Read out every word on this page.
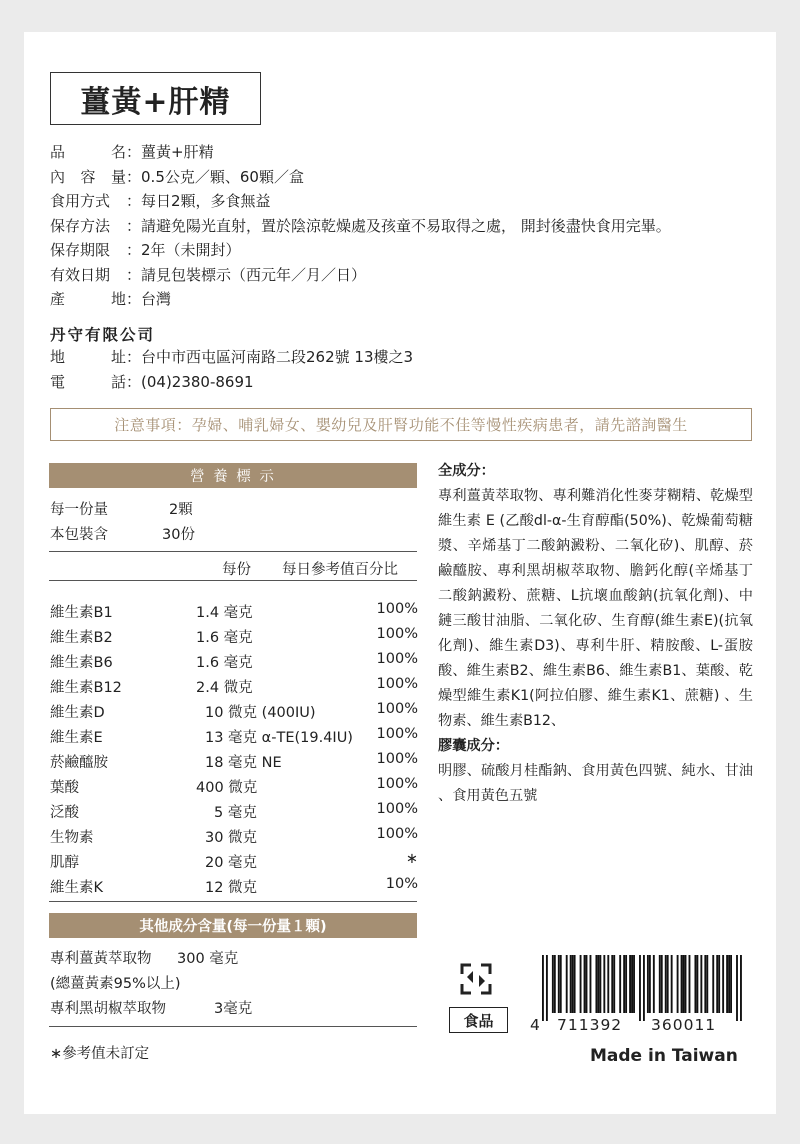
薑黃+肝精
品	名 ： 薑黃+肝精
內 容 量 ： 0.5公克／顆、60顆／盒
食用方式 ： 每日2顆，多食無益
保存方法 ： 請避免陽光直射，置於陰涼乾燥處及孩童不易取得之處， 開封後盡快食用完畢。
保存期限 ： 2年（未開封）
有效日期 ： 請見包裝標示（西元年／月／日）
產	地 ： 台灣
丹守有限公司
地	址 ： 台中市西屯區河南路二段262號 13樓之3
電	話 ： (04)2380-8691
注意事項：孕婦、哺乳婦女、嬰幼兒及肝腎功能不佳等慢性疾病患者，請先諮詢醫生
營 養 標 示
每一份量	2顆
本包裝含	30份
每份 每日參考值百分比
維生素B1	1.4 毫克	100%
維生素B2	1.6 毫克	100%
維生素B6	1.6 毫克	100%
維生素B12	2.4 微克	100%
維生素D	10 微克 (400IU)	100%
維生素E	13 毫克 α-TE(19.4IU)	100%
菸鹼醯胺	18 毫克 NE	100%
葉酸	400 微克	100%
泛酸	5 毫克	100%
生物素	30 微克	100%
肌醇	20 毫克	∗
維生素K	12 微克	10%
其他成分含量(每一份量１顆)
專利薑黃萃取物 300 毫克
(總薑黃素95%以上)
專利黑胡椒萃取物	3毫克
∗參考值未訂定
全成分：
專利薑黃萃取物、專利難消化性麥芽糊精、乾燥型維生素 E (乙酸dl-α-生育醇酯(50%)、乾燥葡萄糖漿、辛烯基丁二酸鈉澱粉、二氧化矽)、肌醇、菸鹼醯胺、專利黑胡椒萃取物、膽鈣化醇(辛烯基丁二酸鈉澱粉、蔗糖、L抗壞血酸鈉(抗氧化劑)、中鏈三酸甘油脂、二氧化矽、生育醇(維生素E)(抗氧化劑)、維生素D3)、專利牛肝、精胺酸、L-蛋胺酸、維生素B2、維生素B6、維生素B1、葉酸、乾燥型維生素K1(阿拉伯膠、維生素K1、蔗糖) 、生物素、維生素B12、
膠囊成分：
明膠、硫酸月桂酯鈉、食用黃色四號、純水、甘油 、食用黃色五號
食品	4 711392 360011
Made in Taiwan
